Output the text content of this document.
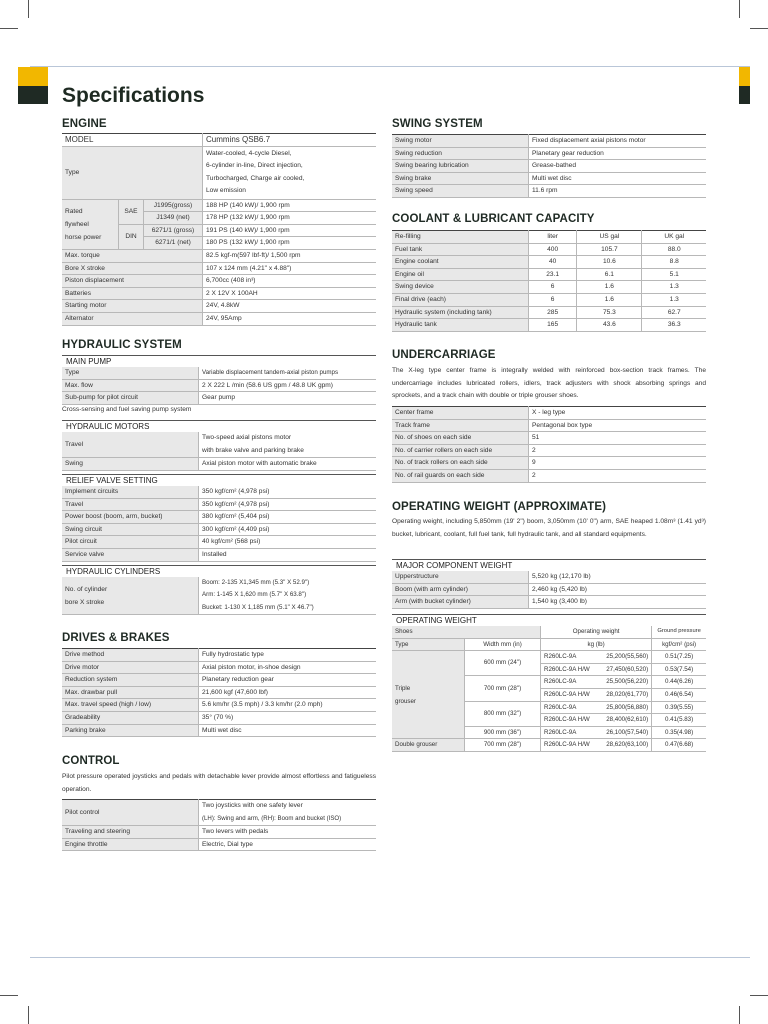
Specifications
ENGINE
MODEL			Cummins QSB6.7
Type			Water-cooled, 4-cycle Diesel,
6-cylinder in-line, Direct injection,
Turbocharged, Charge air cooled,
Low emission

Rated
flywheel
horse power	SAE	J1995(gross)	188 HP (140 kW)/ 1,900 rpm
		J1349 (net)	178 HP (132 kW)/ 1,900 rpm
	DIN	6271/1 (gross)	191 PS (140 kW)/ 1,900 rpm
		6271/1 (net)	180 PS (132 kW)/ 1,900 rpm
Max. torque			82.5 kgf-m(597 lbf-ft)/ 1,500 rpm
Bore X stroke			107 x 124 mm (4.21" x 4.88")
Piston displacement			6,700cc (408 in³)
Batteries			2 X 12V X 100AH
Starting motor			24V, 4.8kW
Alternator			24V, 95Amp
HYDRAULIC SYSTEM
MAIN PUMP
Type	Variable displacement tandem-axial piston pumps
Max. flow	2 X 222 L /min (58.6 US gpm / 48.8 UK gpm)
Sub-pump for pilot circuit	Gear pump
Cross-sensing and fuel saving pump system
HYDRAULIC MOTORS
Travel	Two-speed axial pistons motor
with brake valve and parking brake

Swing	Axial piston motor with automatic brake
RELIEF VALVE SETTING
Implement circuits	350 kgf/cm² (4,978 psi)
Travel	350 kgf/cm² (4,978 psi)
Power boost (boom, arm, bucket)	380 kgf/cm² (5,404 psi)
Swing circuit	300 kgf/cm² (4,409 psi)
Pilot circuit	40 kgf/cm² (568 psi)
Service valve	Installed
HYDRAULIC CYLINDERS
No. of cylinder
bore X stroke

Boom: 2-135 X1,345 mm (5.3" X 52.9")
Arm: 1-145 X 1,620 mm (5.7" X 63.8")
Bucket: 1-130 X 1,185 mm (5.1" X 46.7")
DRIVES & BRAKES
Drive method	Fully hydrostatic type
Drive motor	Axial piston motor, in-shoe design
Reduction system	Planetary reduction gear
Max. drawbar pull	21,600 kgf (47,600 lbf)
Max. travel speed (high / low)	5.6 km/hr (3.5 mph) / 3.3 km/hr (2.0 mph)
Gradeability	35° (70 %)
Parking brake	Multi wet disc
CONTROL
Pilot pressure operated joysticks and pedals with detachable lever provide almost effortless and fatigueless operation.
Pilot control	Two joysticks with one safety lever
(LH): Swing and arm, (RH): Boom and bucket (ISO)

Traveling and steering	Two levers with pedals
Engine throttle	Electric, Dial type
SWING SYSTEM
Swing motor	Fixed displacement axial pistons motor
Swing reduction	Planetary gear reduction
Swing bearing lubrication	Grease-bathed
Swing brake	Multi wet disc
Swing speed	11.6 rpm
COOLANT & LUBRICANT CAPACITY
Re-filling	liter	US gal	UK gal
Fuel tank	400	105.7	88.0
Engine coolant	40	10.6	8.8
Engine oil	23.1	6.1	5.1
Swing device	6	1.6	1.3
Final drive (each)	6	1.6	1.3
Hydraulic system (including tank)	285	75.3	62.7
Hydraulic tank	165	43.6	36.3
UNDERCARRIAGE
The X-leg type center frame is integrally welded with reinforced box-section track frames. The undercarriage includes lubricated rollers, idlers, track adjusters with shock absorbing springs and sprockets, and a track chain with double or triple grouser shoes.
Center frame	X - leg type
Track frame	Pentagonal box type
No. of shoes on each side	51
No. of carrier rollers on each side	2
No. of track rollers on each side	9
No. of rail guards on each side	2
OPERATING WEIGHT (APPROXIMATE)
Operating weight, including 5,850mm (19' 2") boom, 3,050mm (10' 0") arm, SAE heaped 1.08m³ (1.41 yd³) bucket, lubricant, coolant, full fuel tank, full hydraulic tank, and all standard equipments.
MAJOR COMPONENT WEIGHT
Upperstructure	5,520 kg (12,170 lb)
Boom (with arm cylinder)	2,460 kg (5,420 lb)
Arm (with bucket cylinder)	1,540 kg (3,400 lb)
OPERATING WEIGHT
Shoes		Operating weight		Ground pressure
Type	Width mm (in)	kg (lb)		kgf/cm² (psi)

Triple
grouser	600 mm (24")	R260LC-9A	25,200(55,560)	0.51(7.25)
		R260LC-9A H/W	27,450(60,520)	0.53(7.54)
	700 mm (28")	R260LC-9A	25,500(56,220)	0.44(6.26)
		R260LC-9A H/W	28,020(61,770)	0.46(6.54)
	800 mm (32")	R260LC-9A	25,800(56,880)	0.39(5.55)
		R260LC-9A H/W	28,400(62,610)	0.41(5.83)
	900 mm (36")	R260LC-9A	26,100(57,540)	0.35(4.98)
Double grouser	700 mm (28")	R260LC-9A H/W	28,620(63,100)	0.47(6.68)
